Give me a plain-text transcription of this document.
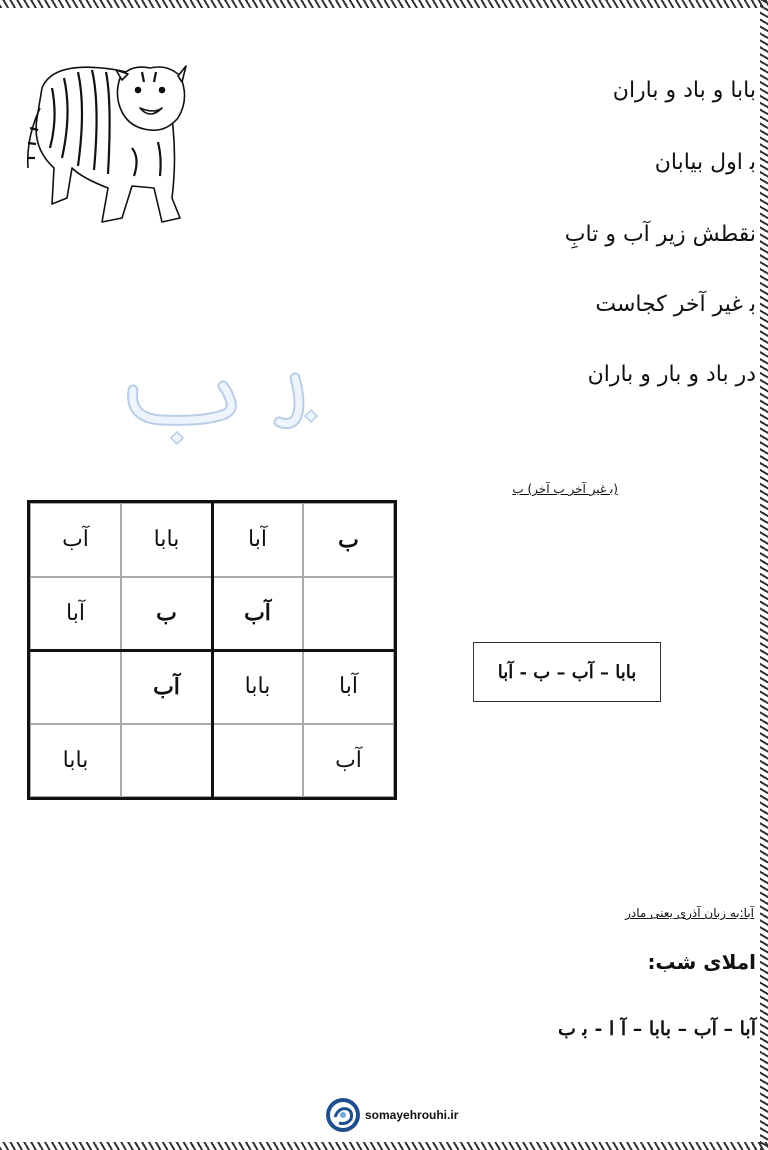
بابا و باد و باران
ﺑ اول بیابان
نقطش زیر آب و تابِ
ﺑ غیر آخر کجاست
در باد و بار و باران
(ﺑ غیر آخر ب آخر) ب
ب
آبا
بابا
آب
آب
ب
آبا
آبا
بابا
آب
آب
بابا
بابا – آب – ب - آبا
آبا:به زبان آذری یعنی مادر
املای شب:
آبا – آب – بابا – آ ا - ﺑ ب
somayehrouhi.ir
